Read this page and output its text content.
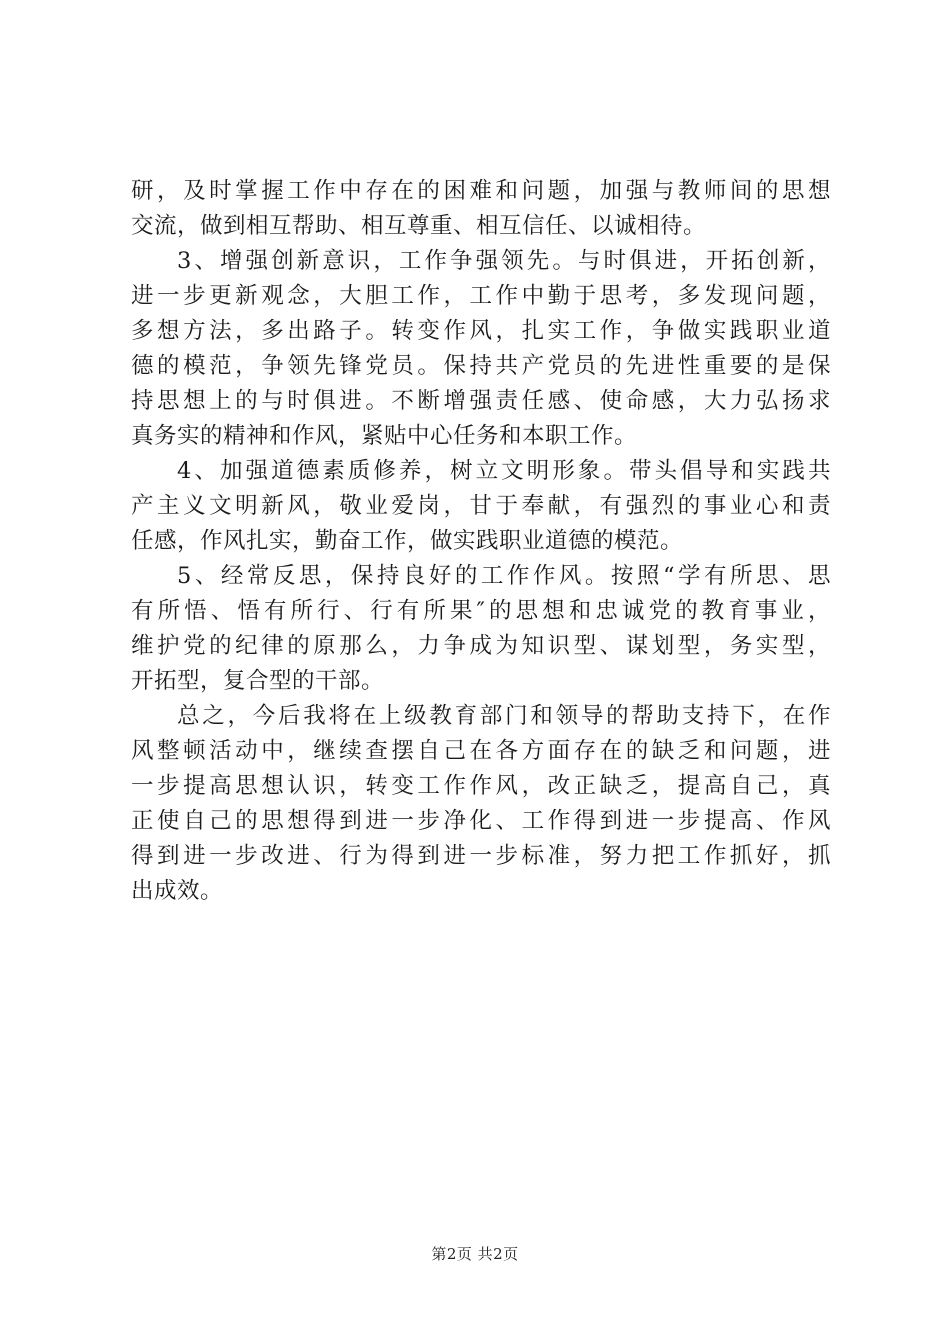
研，及时掌握工作中存在的困难和问题，加强与教师间的思想
交流，做到相互帮助、相互尊重、相互信任、以诚相待。
3、增强创新意识，工作争强领先。与时俱进，开拓创新，
进一步更新观念，大胆工作，工作中勤于思考，多发现问题，
多想方法，多出路子。转变作风，扎实工作，争做实践职业道
德的模范，争领先锋党员。保持共产党员的先进性重要的是保
持思想上的与时俱进。不断增强责任感、使命感，大力弘扬求
真务实的精神和作风，紧贴中心任务和本职工作。
4、加强道德素质修养，树立文明形象。带头倡导和实践共
产主义文明新风，敬业爱岗，甘于奉献，有强烈的事业心和责
任感，作风扎实，勤奋工作，做实践职业道德的模范。
5、经常反思，保持良好的工作作风。按照“学有所思、思
有所悟、悟有所行、行有所果″的思想和忠诚党的教育事业，
维护党的纪律的原那么，力争成为知识型、谋划型，务实型，
开拓型，复合型的干部。
总之，今后我将在上级教育部门和领导的帮助支持下，在作
风整顿活动中，继续查摆自己在各方面存在的缺乏和问题，进
一步提高思想认识，转变工作作风，改正缺乏，提高自己，真
正使自己的思想得到进一步净化、工作得到进一步提高、作风
得到进一步改进、行为得到进一步标准，努力把工作抓好，抓
出成效。
第2页 共2页
